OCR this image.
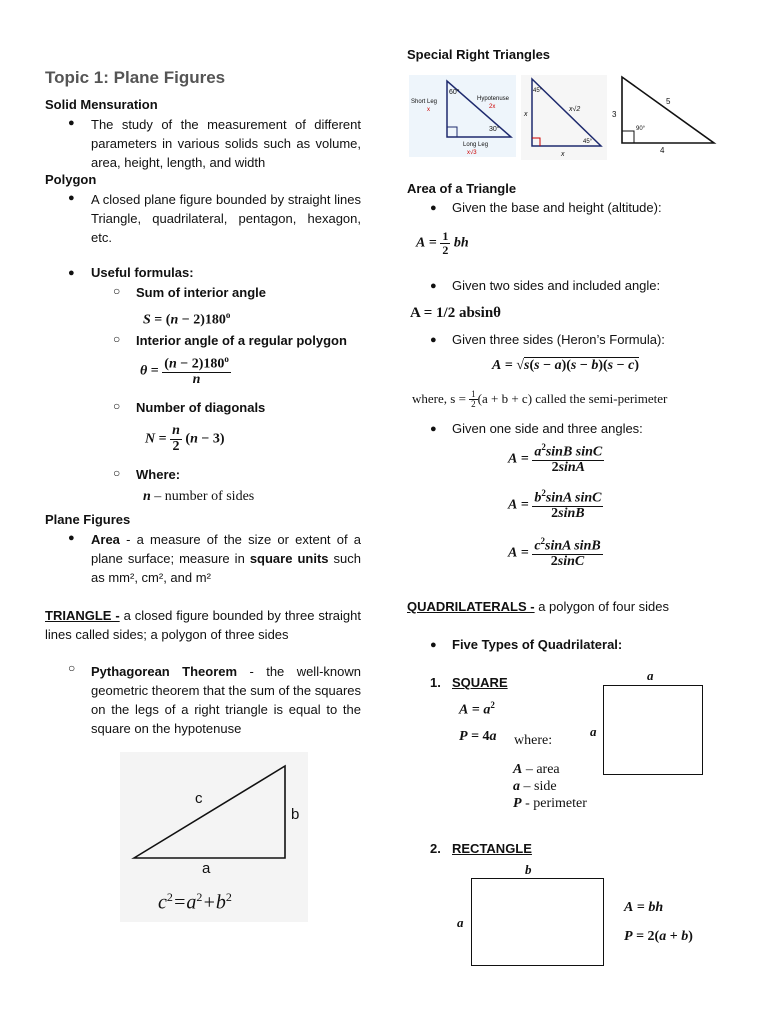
Topic 1: Plane Figures
Solid Mensuration
● The study of the measurement of different parameters in various solids such as volume, area, height, length, and width
Polygon
● A closed plane figure bounded by straight lines Triangle, quadrilateral, pentagon, hexagon, etc.
● Useful formulas:
○ Sum of interior angle
$S = (n - 2)180^o$
○ Interior angle of a regular polygon
$\theta = \frac{(n - 2)180^o}{n}$
○ Number of diagonals
$N = \frac{n}{2} (n - 3)$
○ Where:
n – number of sides
Plane Figures
● Area - a measure of the size or extent of a plane surface; measure in square units such as mm², cm², and m²
TRIANGLE - a closed figure bounded by three straight lines called sides; a polygon of three sides
○ Pythagorean Theorem - the well-known geometric theorem that the sum of the squares on the legs of a right triangle is equal to the square on the hypotenuse
c
b
a
$c^2=a^2+b^2$
Special Right Triangles
60°
30°
Short Leg
x
Hypotenuse
2x
Long Leg
x√3
45°
45°
x
x
x√2
3
5
4
90°
Area of a Triangle
● Given the base and height (altitude):
$A = \frac{1}{2}$ bh
● Given two sides and included angle:
A = 1/2 absinθ
● Given three sides (Heron’s Formula):
A = √s(s − a)(s − b)(s − c)
where, $s = \frac{1}{2} (a + b + c)$ called the semi-perimeter
● Given one side and three angles:
$A = \frac{a^2\sin B \sin C}{2\sin A}$
$A = \frac{b^2\sin A \sin C}{2\sin B}$
$A = \frac{c^2\sin A \sin B}{2\sin C}$
QUADRILATERALS - a polygon of four sides
● Five Types of Quadrilateral:
1. SQUARE
$A = a^2$
P = 4a where:
A – area
a – side
P - perimeter
a
a
2. RECTANGLE
b
a
A = bh
P = 2(a + b)
